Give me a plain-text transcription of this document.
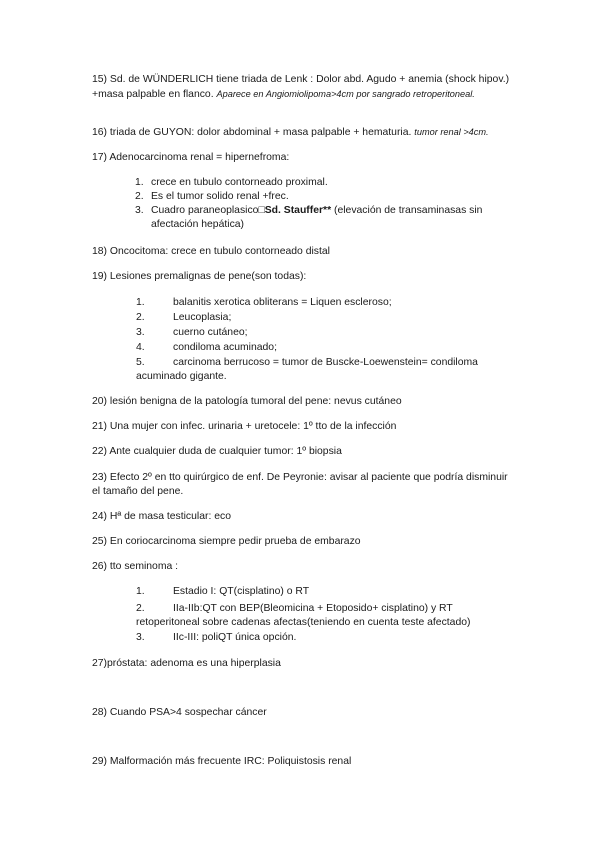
15) Sd. de WÜNDERLICH tiene triada de Lenk : Dolor abd. Agudo + anemia (shock hipov.) +masa palpable en flanco. Aparece en Angiomiolipoma>4cm por sangrado retroperitoneal.
16) triada de GUYON: dolor abdominal + masa palpable + hematuria. tumor renal >4cm.
17) Adenocarcinoma renal = hipernefroma:
1. crece en tubulo contorneado proximal.
2. Es el tumor solido renal +frec.
3. Cuadro paraneoplasico□Sd. Stauffer** (elevación de transaminasas sin afectación hepática)
18) Oncocitoma: crece en tubulo contorneado distal
19) Lesiones premalignas de pene(son todas):
1.	balanitis xerotica obliterans = Liquen escleroso;
2.	Leucoplasia;
3.	cuerno cutáneo;
4.	condiloma acuminado;
5.	carcinoma berrucoso = tumor de Buscke-Loewenstein= condiloma
acuminado gigante.
20) lesión benigna de la patología tumoral del pene: nevus cutáneo
21) Una mujer con infec. urinaria + uretocele: 1º tto de la infección
22) Ante cualquier duda de cualquier tumor: 1º biopsia
23) Efecto 2º en tto quirúrgico de enf. De Peyronie: avisar al paciente que podría disminuir el tamaño del pene.
24) Hª de masa testicular: eco
25) En coriocarcinoma siempre pedir prueba de embarazo
26) tto seminoma :
1.	Estadio I: QT(cisplatino) o RT
2.	IIa-IIb:QT con BEP(Bleomicina + Etoposido+ cisplatino) y RT
retoperitoneal sobre cadenas afectas(teniendo en cuenta teste afectado)
3.	IIc-III: poliQT única opción.
27)próstata: adenoma es una hiperplasia
28) Cuando PSA>4 sospechar cáncer
29) Malformación más frecuente IRC: Poliquistosis renal
